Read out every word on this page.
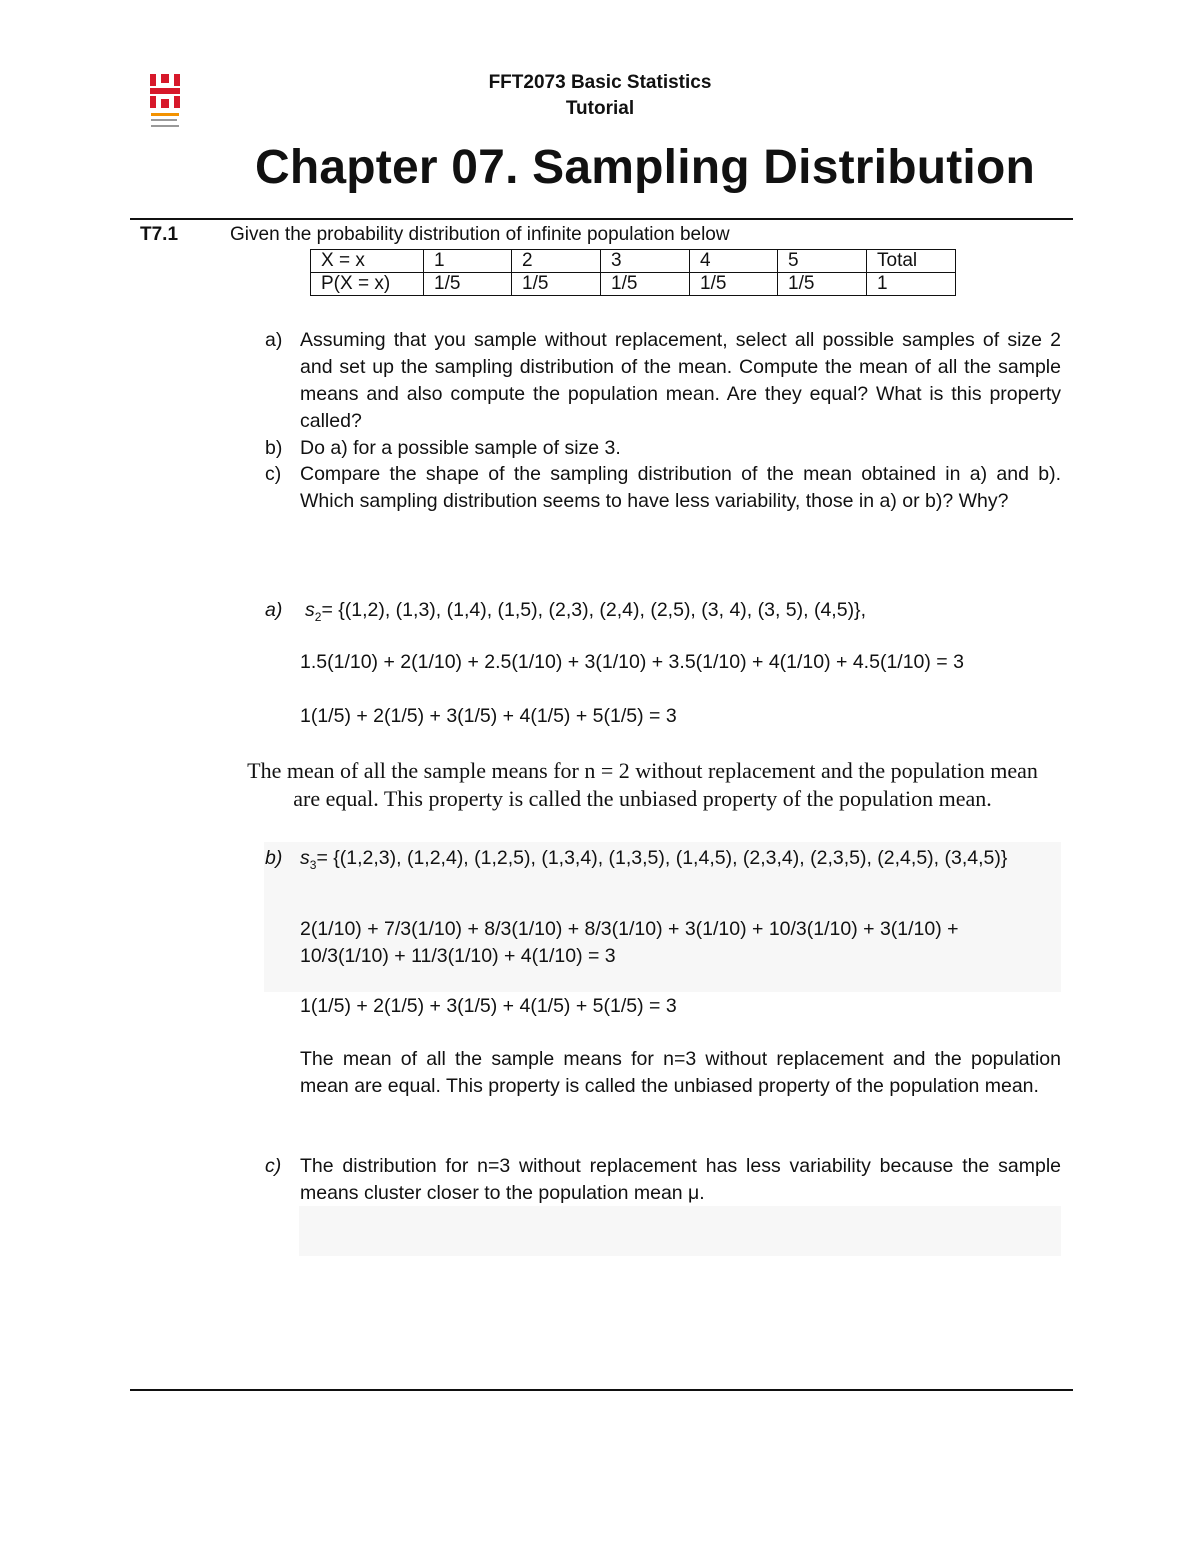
FFT2073 Basic Statistics
Tutorial
Chapter 07. Sampling Distribution
T7.1	Given the probability distribution of infinite population below
X = x	1	2	3	4	5	Total
P(X = x)	1/5	1/5	1/5	1/5	1/5	1
a) Assuming that you sample without replacement, select all possible samples of size 2 and set up the sampling distribution of the mean. Compute the mean of all the sample means and also compute the population mean. Are they equal? What is this property called?
b) Do a) for a possible sample of size 3.
c) Compare the shape of the sampling distribution of the mean obtained in a) and b). Which sampling distribution seems to have less variability, those in a) or b)? Why?
a) $s_2= \{(1,2)$, (1,3), (1,4), (1,5), (2,3), (2,4), (2,5), (3, 4), (3, 5), (4,5)},
1.5(1/10) + 2(1/10) + 2.5(1/10) + 3(1/10) + 3.5(1/10) + 4(1/10) + 4.5(1/10) = 3
1(1/5) + 2(1/5) + 3(1/5) + 4(1/5) + 5(1/5) = 3
The mean of all the sample means for n = 2 without replacement and the population mean are equal. This property is called the unbiased property of the population mean.
b) $s_3= \{(1,2,3)$, (1,2,4), (1,2,5), (1,3,4), (1,3,5), (1,4,5), (2,3,4), (2,3,5), (2,4,5), (3,4,5)}
2(1/10) + 7/3(1/10) + 8/3(1/10) + 8/3(1/10) + 3(1/10) + 10/3(1/10) + 3(1/10) + 10/3(1/10) + 11/3(1/10) + 4(1/10) = 3
1(1/5) + 2(1/5) + 3(1/5) + 4(1/5) + 5(1/5) = 3
The mean of all the sample means for n=3 without replacement and the population mean are equal. This property is called the unbiased property of the population mean.
c) The distribution for n=3 without replacement has less variability because the sample means cluster closer to the population mean μ.
